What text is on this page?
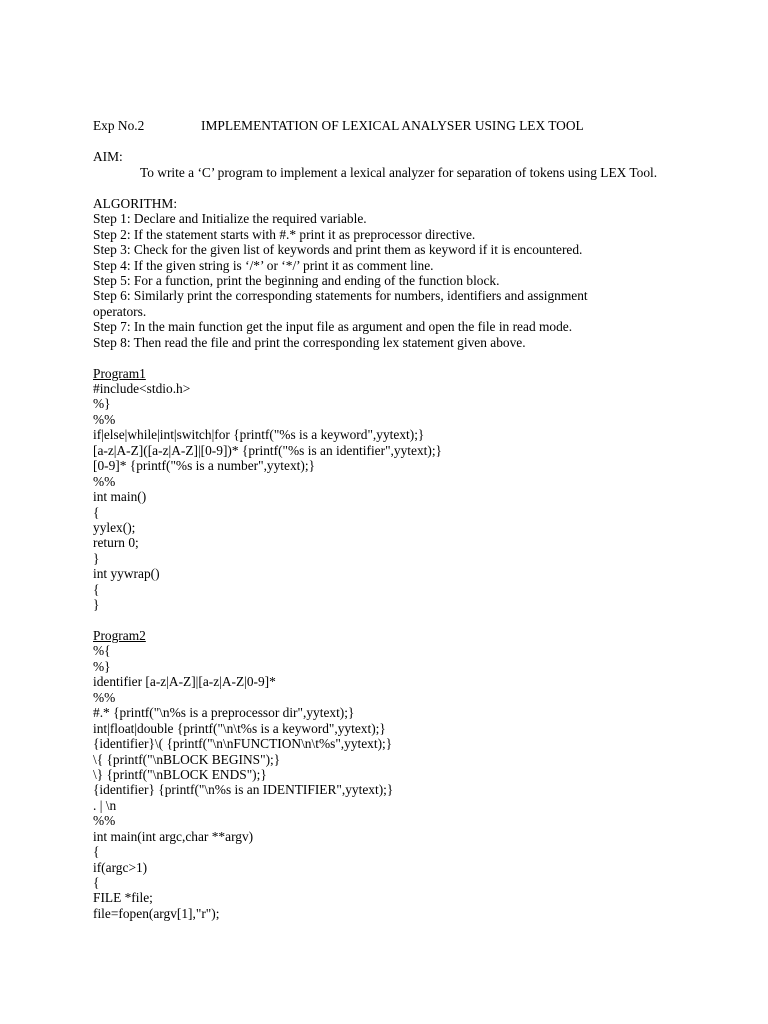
Exp No.2	IMPLEMENTATION OF LEXICAL ANALYSER USING LEX TOOL
AIM:
To write a ‘C’ program to implement a lexical analyzer for separation of tokens using LEX Tool.
ALGORITHM:
Step 1: Declare and Initialize the required variable.
Step 2: If the statement starts with #.* print it as preprocessor directive.
Step 3: Check for the given list of keywords and print them as keyword if it is encountered.
Step 4: If the given string is ‘/*’ or ‘*/’ print it as comment line.
Step 5: For a function, print the beginning and ending of the function block.
Step 6: Similarly print the corresponding statements for numbers, identifiers and assignment operators.
Step 7: In the main function get the input file as argument and open the file in read mode.
Step 8: Then read the file and print the corresponding lex statement given above.
Program1
#include<stdio.h>
%}
%%
if|else|while|int|switch|for {printf("%s is a keyword",yytext);}
[a-z|A-Z]([a-z|A-Z]|[0-9])* {printf("%s is an identifier",yytext);}
[0-9]* {printf("%s is a number",yytext);}
%%
int main()
{
yylex();
return 0;
}
int yywrap()
{
}
Program2
%{
%}
identifier [a-z|A-Z]|[a-z|A-Z|0-9]*
%%
#.* {printf("\n%s is a preprocessor dir",yytext);}
int|float|double {printf("\n\t%s is a keyword",yytext);}
{identifier}\( {printf("\n\nFUNCTION\n\t%s",yytext);}
\{ {printf("\nBLOCK BEGINS");}
\} {printf("\nBLOCK ENDS");}
{identifier} {printf("\n%s is an IDENTIFIER",yytext);}
. | \n
%%
int main(int argc,char **argv)
{
if(argc>1)
{
FILE *file;
file=fopen(argv[1],"r");
